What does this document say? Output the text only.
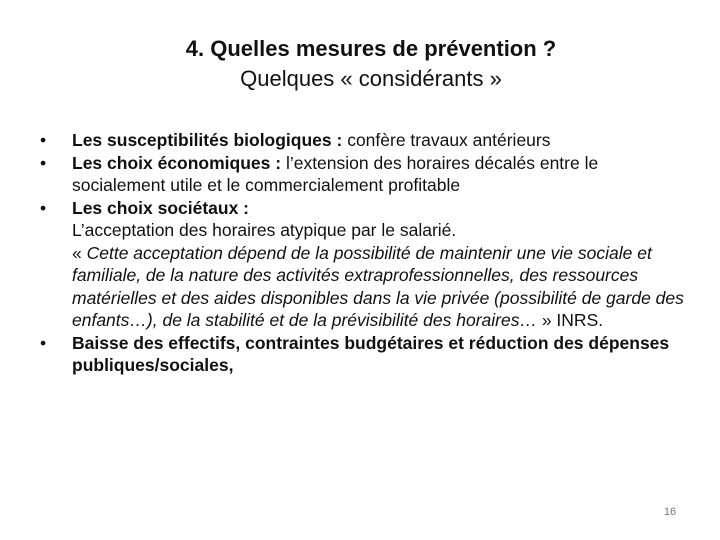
4. Quelles mesures de prévention ?
Quelques « considérants »
•	Les susceptibilités biologiques : confère travaux antérieurs
•	Les choix économiques : l’extension des horaires décalés entre le socialement utile et le commercialement profitable
•	Les choix sociétaux :
L’acceptation des horaires atypique par le salarié.
« Cette acceptation dépend de la possibilité de maintenir une vie sociale et familiale, de la nature des activités extraprofessionnelles, des ressources matérielles et des aides disponibles dans la vie privée (possibilité de garde des enfants…), de la stabilité et de la prévisibilité des horaires… » INRS.
•	Baisse des effectifs, contraintes budgétaires et réduction des dépenses publiques/sociales,
16
